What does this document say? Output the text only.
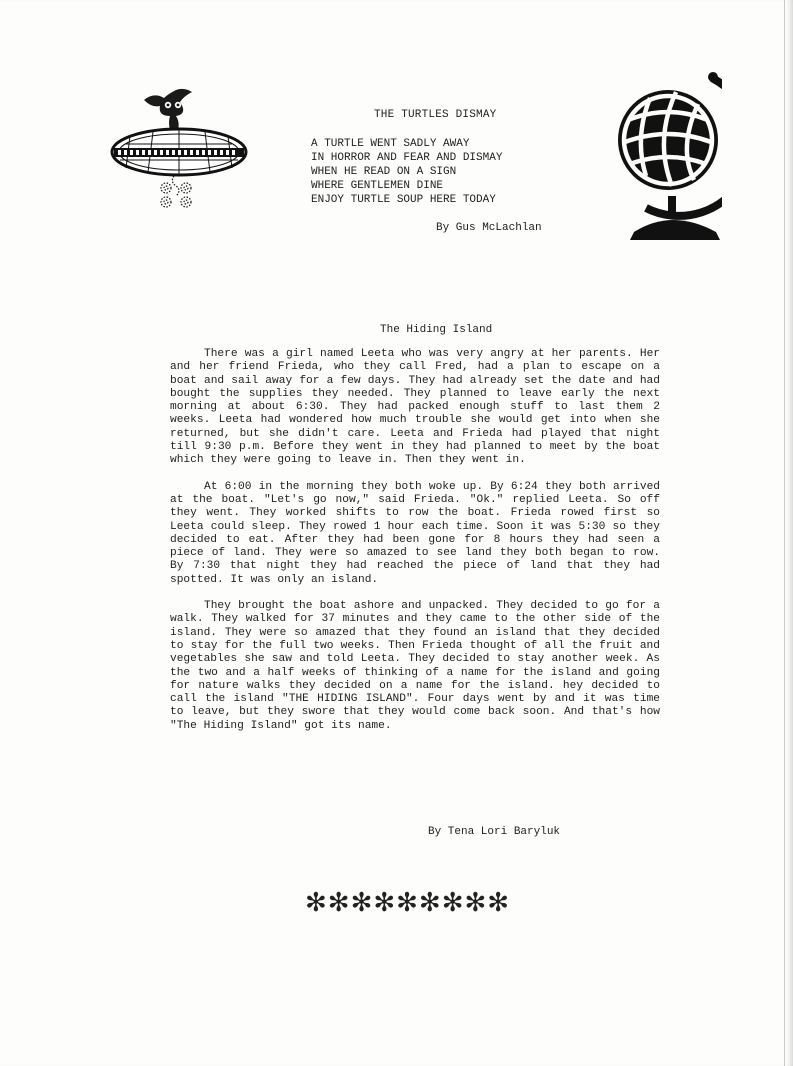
THE TURTLES DISMAY
A TURTLE WENT SADLY AWAY
IN HORROR AND FEAR AND DISMAY
WHEN HE READ ON A SIGN
WHERE GENTLEMEN DINE
ENJOY TURTLE SOUP HERE TODAY
By Gus McLachlan
The Hiding Island

There was a girl named Leeta who was very angry at her parents. Her and her friend Frieda, who they call Fred, had a plan to escape on a boat and sail away for a few days. They had already set the date and had bought the supplies they needed. They planned to leave early the next morning at about 6:30. They had packed enough stuff to last them 2 weeks. Leeta had wondered how much trouble she would get into when she returned, but she didn't care. Leeta and Frieda had played that night till 9:30 p.m. Before they went in they had planned to meet by the boat which they were going to leave in. Then they went in.

At 6:00 in the morning they both woke up. By 6:24 they both arrived at the boat. "Let's go now," said Frieda. "Ok." replied Leeta. So off they went. They worked shifts to row the boat. Frieda rowed first so Leeta could sleep. They rowed 1 hour each time. Soon it was 5:30 so they decided to eat. After they had been gone for 8 hours they had seen a piece of land. They were so amazed to see land they both began to row. By 7:30 that night they had reached the piece of land that they had spotted. It was only an island.

They brought the boat ashore and unpacked. They decided to go for a walk. They walked for 37 minutes and they came to the other side of the island. They were so amazed that they found an island that they decided to stay for the full two weeks. Then Frieda thought of all the fruit and vegetables she saw and told Leeta. They decided to stay another week. As the two and a half weeks of thinking of a name for the island and going for nature walks they decided on a name for the island. hey decided to call the island "THE HIDING ISLAND". Four days went by and it was time to leave, but they swore that they would come back soon. And that's how "The Hiding Island" got its name.

By Tena Lori Baryluk
✻✻✻✻✻✻✻✻✻
